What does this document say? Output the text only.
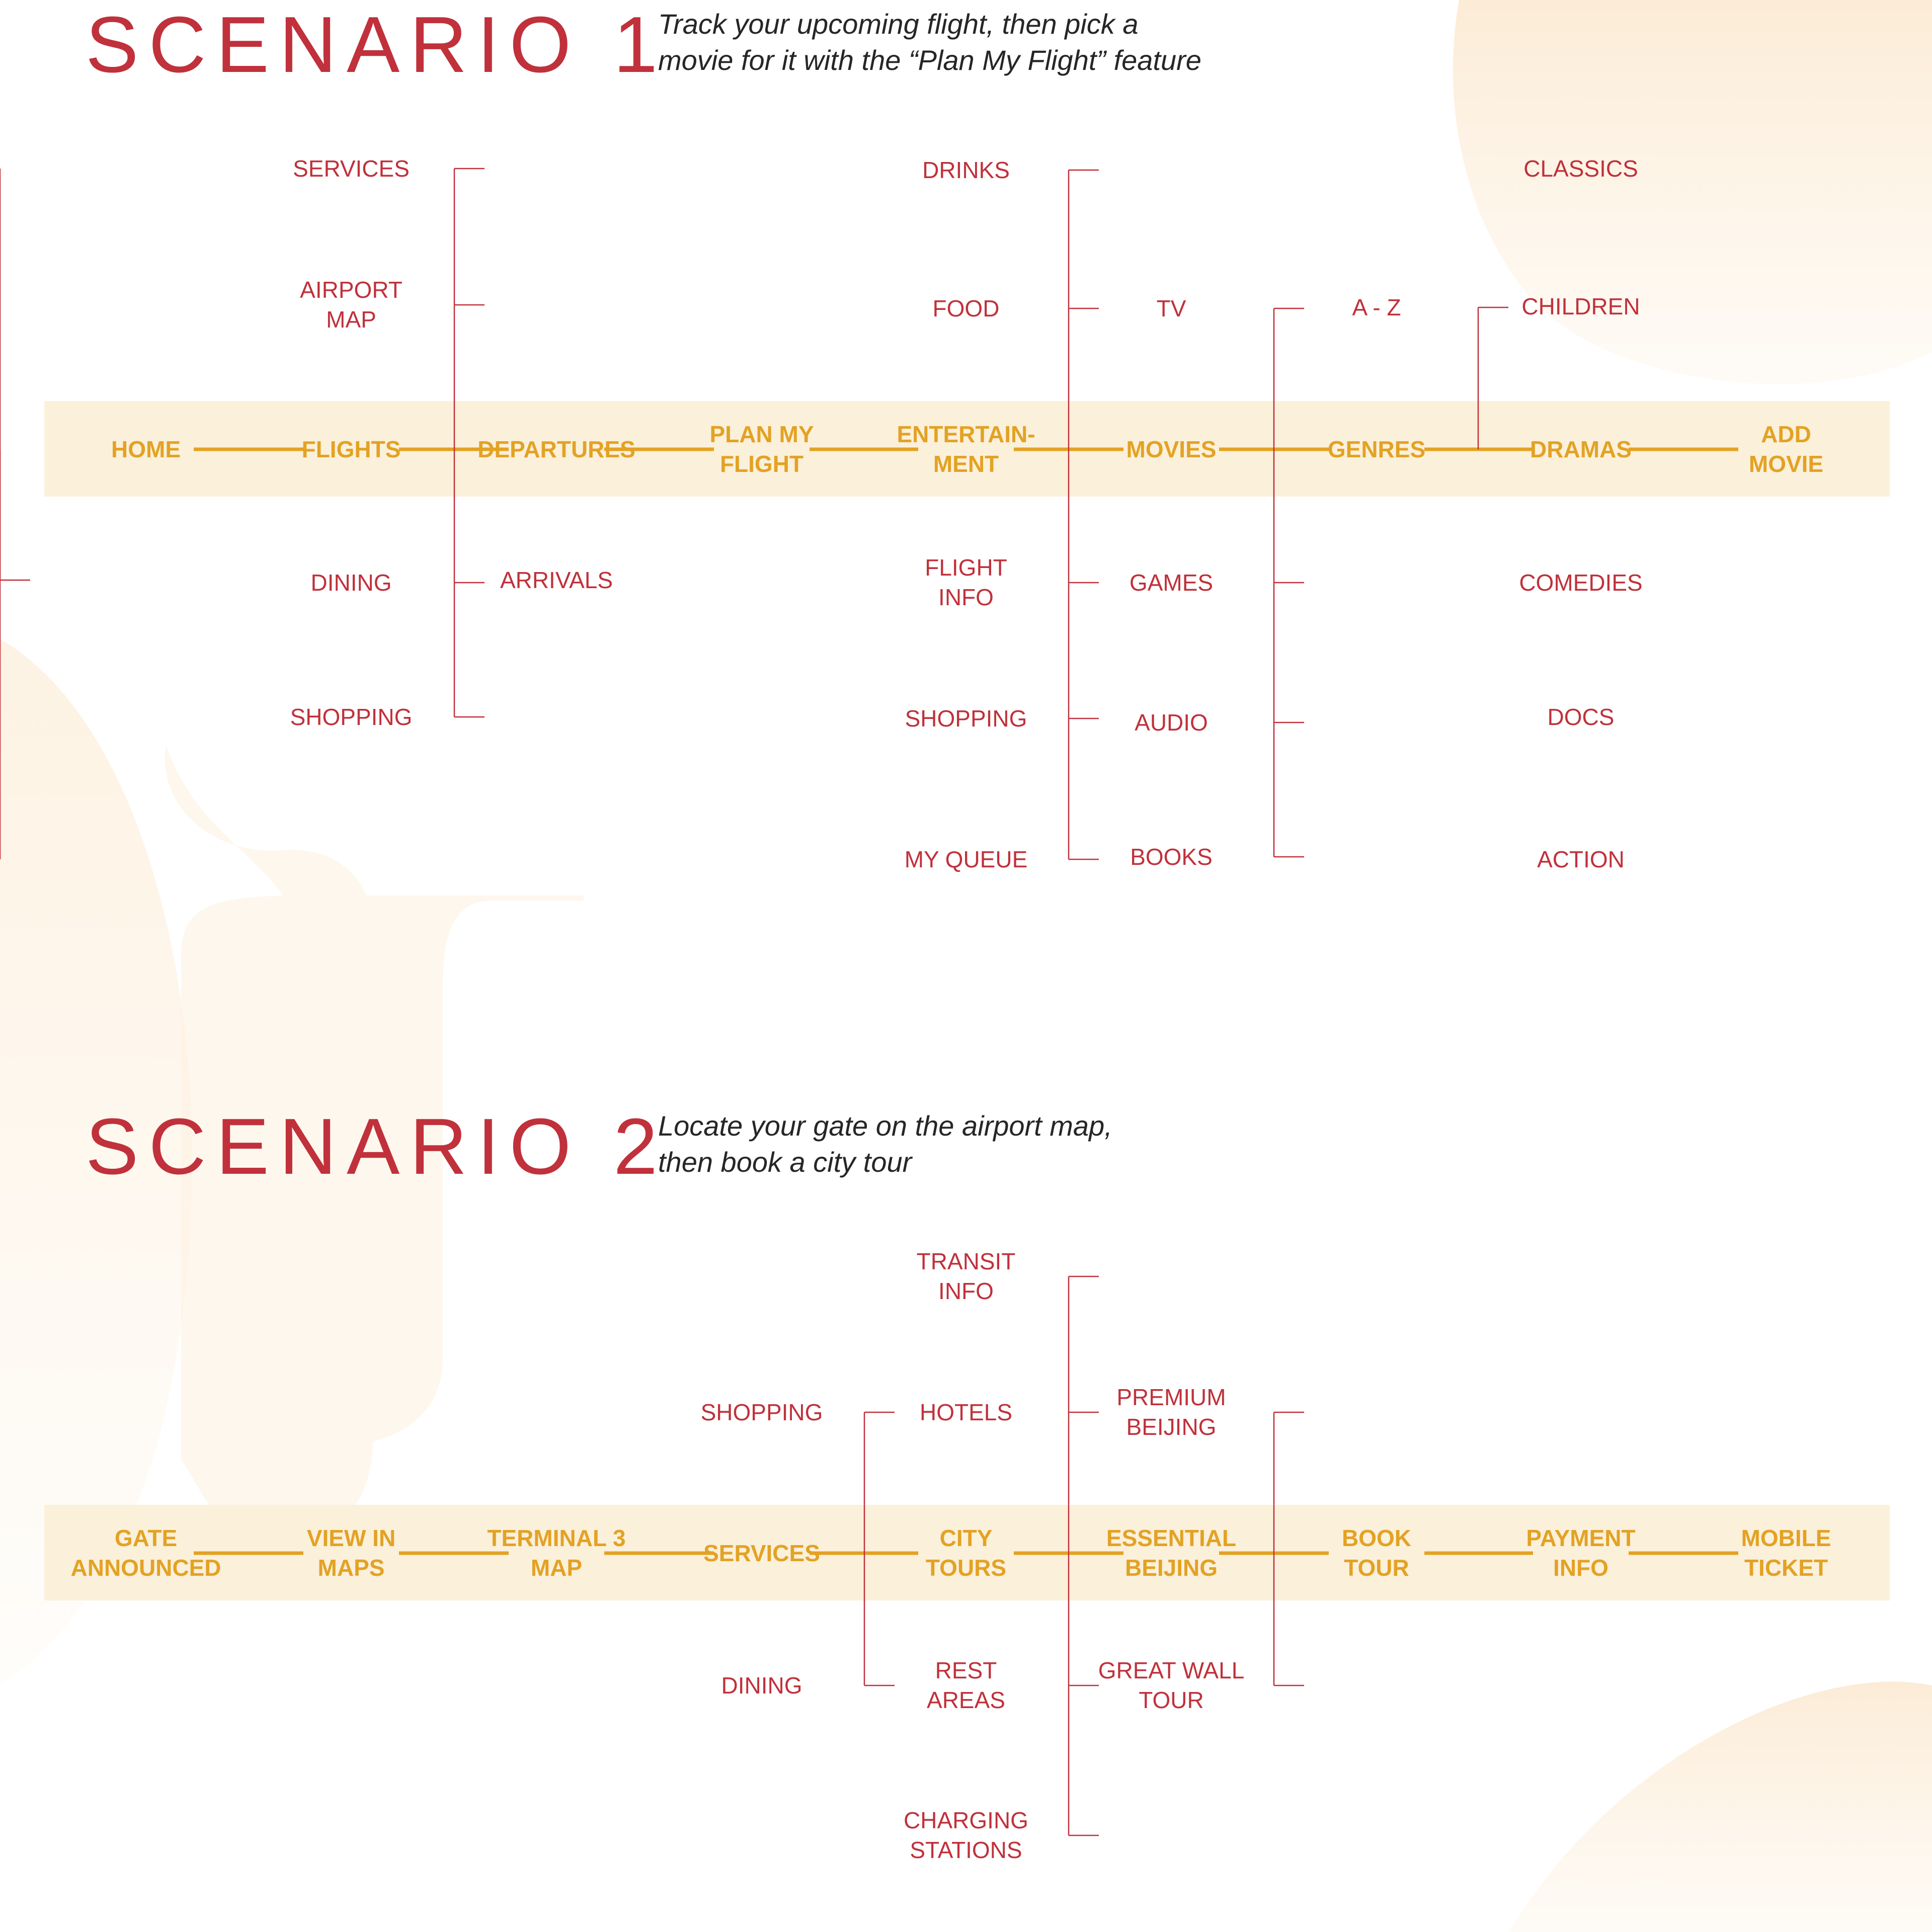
SCENARIO 1
Track your upcoming flight, then pick a
movie for it with the “Plan My Flight” feature
SCENARIO 2
Locate your gate on the airport map,
then book a city tour
HOME	FLIGHTS	DEPARTURES
PLAN MY
FLIGHT
ENTERTAIN-
MENT
MOVIES	GENRES	DRAMAS
ADD
MOVIE
SERVICES
AIRPORT
MAP
DINING
SHOPPING
ARRIVALS
DRINKS
FOOD
FLIGHT
INFO
SHOPPING
MY QUEUE
TV
GAMES
AUDIO
BOOKS
A - Z
CLASSICS
CHILDREN
COMEDIES
DOCS
ACTION
GATE
ANNOUNCED
VIEW IN
MAPS
TERMINAL 3
MAP
SERVICES
CITY
TOURS
ESSENTIAL
BEIJING
BOOK
TOUR
PAYMENT
INFO
MOBILE
TICKET
SHOPPING
DINING
TRANSIT
INFO
HOTELS
REST
AREAS
CHARGING
STATIONS
PREMIUM
BEIJING
GREAT WALL
TOUR
